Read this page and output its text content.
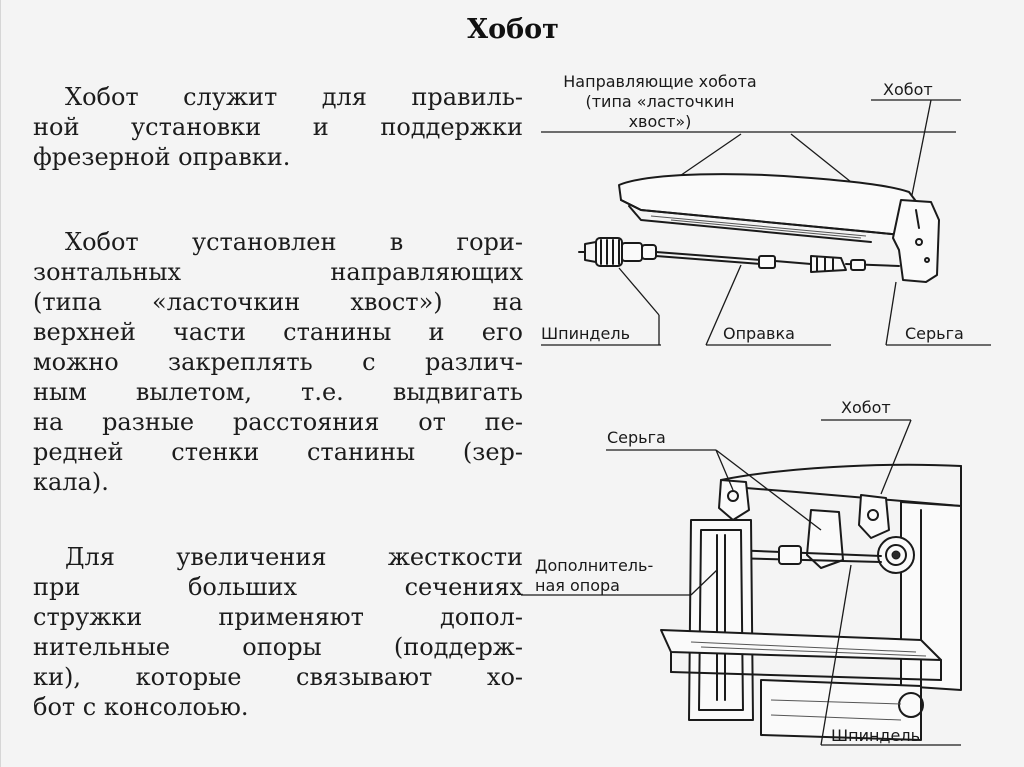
Хобот
Хобот служит для правиль-
ной установки и поддержки
фрезерной оправки.
Хобот установлен в гори-
зонтальных направляющих
(типа «ласточкин хвост») на
верхней части станины и его
можно закреплять с различ-
ным вылетом, т.е. выдвигать
на разные расстояния от пе-
редней стенки станины (зер-
кала).
Для увеличения жесткости
при больших сечениях
стружки применяют допол-
нительные опоры (поддерж-
ки), которые связывают хо-
бот с консолоью.
Направляющие хобота
(типа «ласточкин
хвост»)
Хобот
Шпиндель	Оправка	Серьга
Хобот
Серьга
Дополнитель-
ная опора
Шпиндель
